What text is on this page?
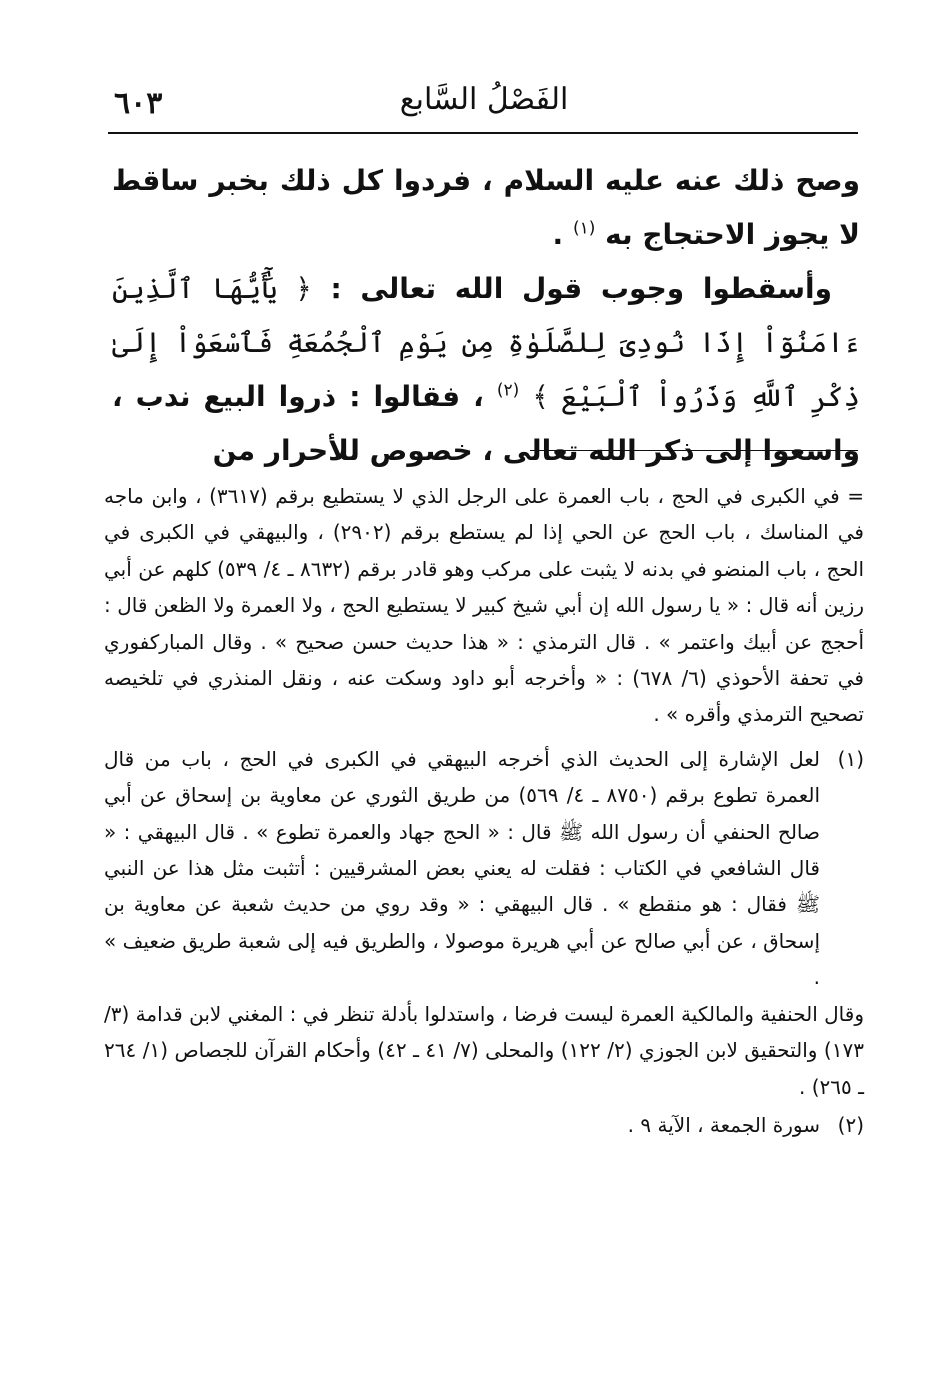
الفَصْلُ السَّابع
٦٠٣

وصح ذلك عنه عليه السلام ، فردوا كل ذلك بخبر ساقط لا يجوز الاحتجاج به $^{(١)}$ .

وأسقطوا وجوب قول الله تعالى : ﴿ يَٰٓأَيُّهَا ٱلَّذِينَ ءَامَنُوٓاْ إِذَا نُودِىَ لِلصَّلَوٰةِ مِن يَوْمِ ٱلْجُمُعَةِ فَٱسْعَوْاْ إِلَىٰ ذِكْرِ ٱللَّهِ وَذَرُواْ ٱلْبَيْعَ ﴾ $^{(٢)}$ ، فقالوا : ذروا البيع ندب ، واسعوا إلى ذكر الله تعالى ، خصوص للأحرار من

= في الكبرى في الحج ، باب العمرة على الرجل الذي لا يستطيع برقم (٣٦١٧) ، وابن ماجه في المناسك ، باب الحج عن الحي إذا لم يستطع برقم (٢٩٠٢) ، والبيهقي في الكبرى في الحج ، باب المنضو في بدنه لا يثبت على مركب وهو قادر برقم (٨٦٣٢ ـ ٤/ ٥٣٩) كلهم عن أبي رزين أنه قال : « يا رسول الله إن أبي شيخ كبير لا يستطيع الحج ، ولا العمرة ولا الظعن قال : أحجج عن أبيك واعتمر » . قال الترمذي : « هذا حديث حسن صحيح » . وقال المباركفوري في تحفة الأحوذي (٦/ ٦٧٨) : « وأخرجه أبو داود وسكت عنه ، ونقل المنذري في تلخيصه تصحيح الترمذي وأقره » .

(١)
لعل الإشارة إلى الحديث الذي أخرجه البيهقي في الكبرى في الحج ، باب من قال العمرة تطوع برقم (٨٧٥٠ ـ ٤/ ٥٦٩) من طريق الثوري عن معاوية بن إسحاق عن أبي صالح الحنفي أن رسول الله ﷺ قال : « الحج جهاد والعمرة تطوع » . قال البيهقي : « قال الشافعي في الكتاب : فقلت له يعني بعض المشرقيين : أتثبت مثل هذا عن النبي ﷺ فقال : هو منقطع » . قال البيهقي : « وقد روي من حديث شعبة عن معاوية بن إسحاق ، عن أبي صالح عن أبي هريرة موصولا ، والطريق فيه إلى شعبة طريق ضعيف » .

وقال الحنفية والمالكية العمرة ليست فرضا ، واستدلوا بأدلة تنظر في : المغني لابن قدامة (٣/ ١٧٣) والتحقيق لابن الجوزي (٢/ ١٢٢) والمحلى (٧/ ٤١ ـ ٤٢) وأحكام القرآن للجصاص (١/ ٢٦٤ ـ ٢٦٥) .

(٢)
سورة الجمعة ، الآية ٩ .
